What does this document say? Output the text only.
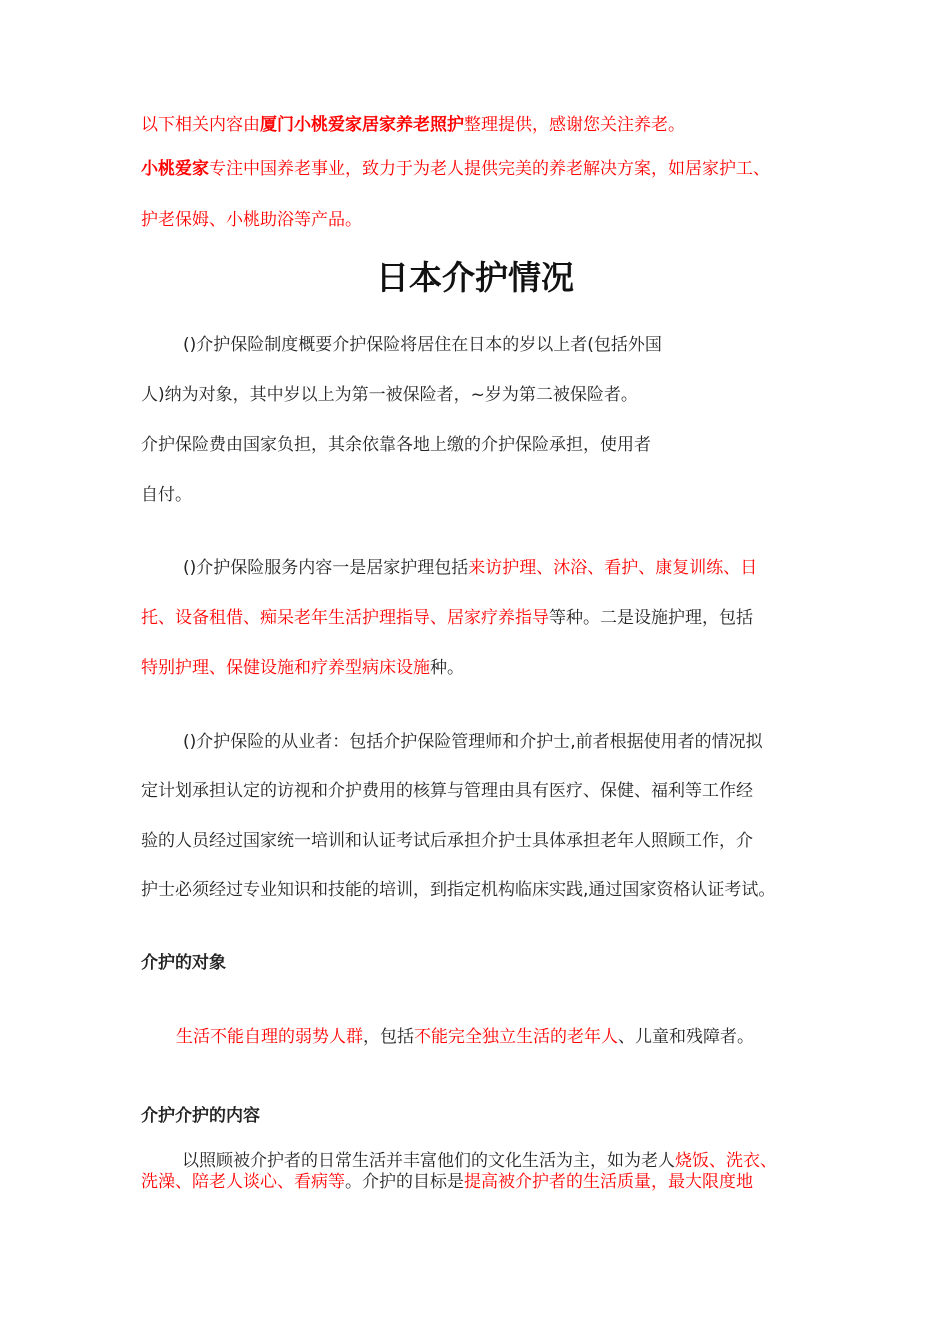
以下相关内容由厦门小桃爱家居家养老照护整理提供，感谢您关注养老。

小桃爱家专注中国养老事业，致力于为老人提供完美的养老解决方案，如居家护工、

护老保姆、小桃助浴等产品。

日本介护情况

()介护保险制度概要介护保险将居住在日本的岁以上者(包括外国

人)纳为对象，其中岁以上为第一被保险者，~岁为第二被保险者。

介护保险费由国家负担，其余依靠各地上缴的介护保险承担，使用者

自付。

()介护保险服务内容一是居家护理包括来访护理、沐浴、看护、康复训练、日

托、设备租借、痴呆老年生活护理指导、居家疗养指导等种。二是设施护理，包括

特别护理、保健设施和疗养型病床设施种。

()介护保险的从业者：包括介护保险管理师和介护士,前者根据使用者的情况拟

定计划承担认定的访视和介护费用的核算与管理由具有医疗、保健、福利等工作经

验的人员经过国家统一培训和认证考试后承担介护士具体承担老年人照顾工作，介

护士必须经过专业知识和技能的培训，到指定机构临床实践,通过国家资格认证考试。

介护的对象

生活不能自理的弱势人群，包括不能完全独立生活的老年人、儿童和残障者。

介护介护的内容

以照顾被介护者的日常生活并丰富他们的文化生活为主，如为老人烧饭、洗衣、

洗澡、陪老人谈心、看病等。介护的目标是提高被介护者的生活质量，最大限度地
